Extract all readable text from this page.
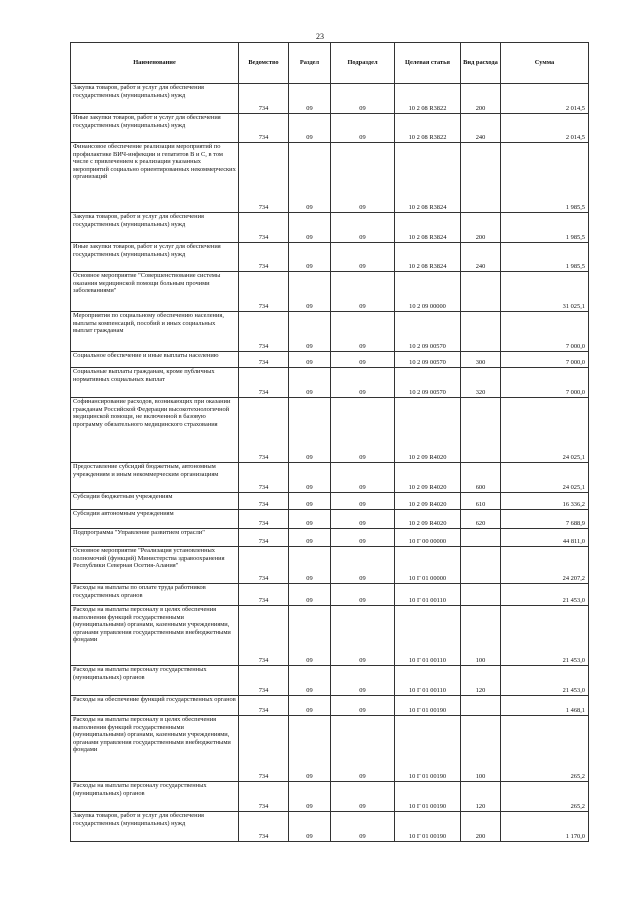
23
Наименование	Ведомство	Раздел	Подраздел	Целевая статья	Вид расхода	Сумма
Закупка товаров, работ и услуг для обеспечения государственных (муниципальных) нужд	734	09	09	10 2 08 R3822	200	2 014,5
Иные закупки товаров, работ и услуг для обеспечения государственных (муниципальных) нужд	734	09	09	10 2 08 R3822	240	2 014,5
Финансовое обеспечение реализации мероприятий по профилактике ВИЧ-инфекции и гепатитов В и С, в том числе с привлечением к реализации указанных мероприятий социально ориентированных некоммерческих организаций	734	09	09	10 2 08 R3824		1 985,5
Закупка товаров, работ и услуг для обеспечения государственных (муниципальных) нужд	734	09	09	10 2 08 R3824	200	1 985,5
Иные закупки товаров, работ и услуг для обеспечения государственных (муниципальных) нужд	734	09	09	10 2 08 R3824	240	1 985,5
Основное мероприятие "Совершенствование системы оказания медицинской помощи больным прочими заболеваниями"	734	09	09	10 2 09 00000		31 025,1
Мероприятия по социальному обеспечению населения, выплаты компенсаций, пособий и иных социальных выплат гражданам	734	09	09	10 2 09 00570		7 000,0
Социальное обеспечение и иные выплаты населению	734	09	09	10 2 09 00570	300	7 000,0
Социальные выплаты гражданам, кроме публичных нормативных социальных выплат	734	09	09	10 2 09 00570	320	7 000,0
Софинансирование расходов, возникающих при оказании гражданам Российской Федерации высокотехнологичной медицинской помощи, не включенной в базовую программу обязательного медицинского страхования	734	09	09	10 2 09 R4020		24 025,1
Предоставление субсидий бюджетным, автономным учреждениям и иным некоммерческим организациям	734	09	09	10 2 09 R4020	600	24 025,1
Субсидии бюджетным учреждениям	734	09	09	10 2 09 R4020	610	16 336,2
Субсидии автономным учреждениям	734	09	09	10 2 09 R4020	620	7 688,9
Подпрограмма "Управление развитием отрасли"	734	09	09	10 Г 00 00000		44 811,0
Основное мероприятие "Реализация установленных полномочий (функций) Министерства здравоохранения Республики Северная Осетия-Алания"	734	09	09	10 Г 01 00000		24 207,2
Расходы на выплаты по оплате труда работников государственных органов	734	09	09	10 Г 01 00110		21 453,0
Расходы на выплаты персоналу в целях обеспечения выполнения функций государственными (муниципальными) органами, казенными учреждениями, органами управления государственными внебюджетными фондами	734	09	09	10 Г 01 00110	100	21 453,0
Расходы на выплаты персоналу государственных (муниципальных) органов	734	09	09	10 Г 01 00110	120	21 453,0
Расходы на обеспечение функций государственных органов	734	09	09	10 Г 01 00190		1 468,1
Расходы на выплаты персоналу в целях обеспечения выполнения функций государственными (муниципальными) органами, казенными учреждениями, органами управления государственными внебюджетными фондами	734	09	09	10 Г 01 00190	100	265,2
Расходы на выплаты персоналу государственных (муниципальных) органов	734	09	09	10 Г 01 00190	120	265,2
Закупка товаров, работ и услуг для обеспечения государственных (муниципальных) нужд	734	09	09	10 Г 01 00190	200	1 170,0
